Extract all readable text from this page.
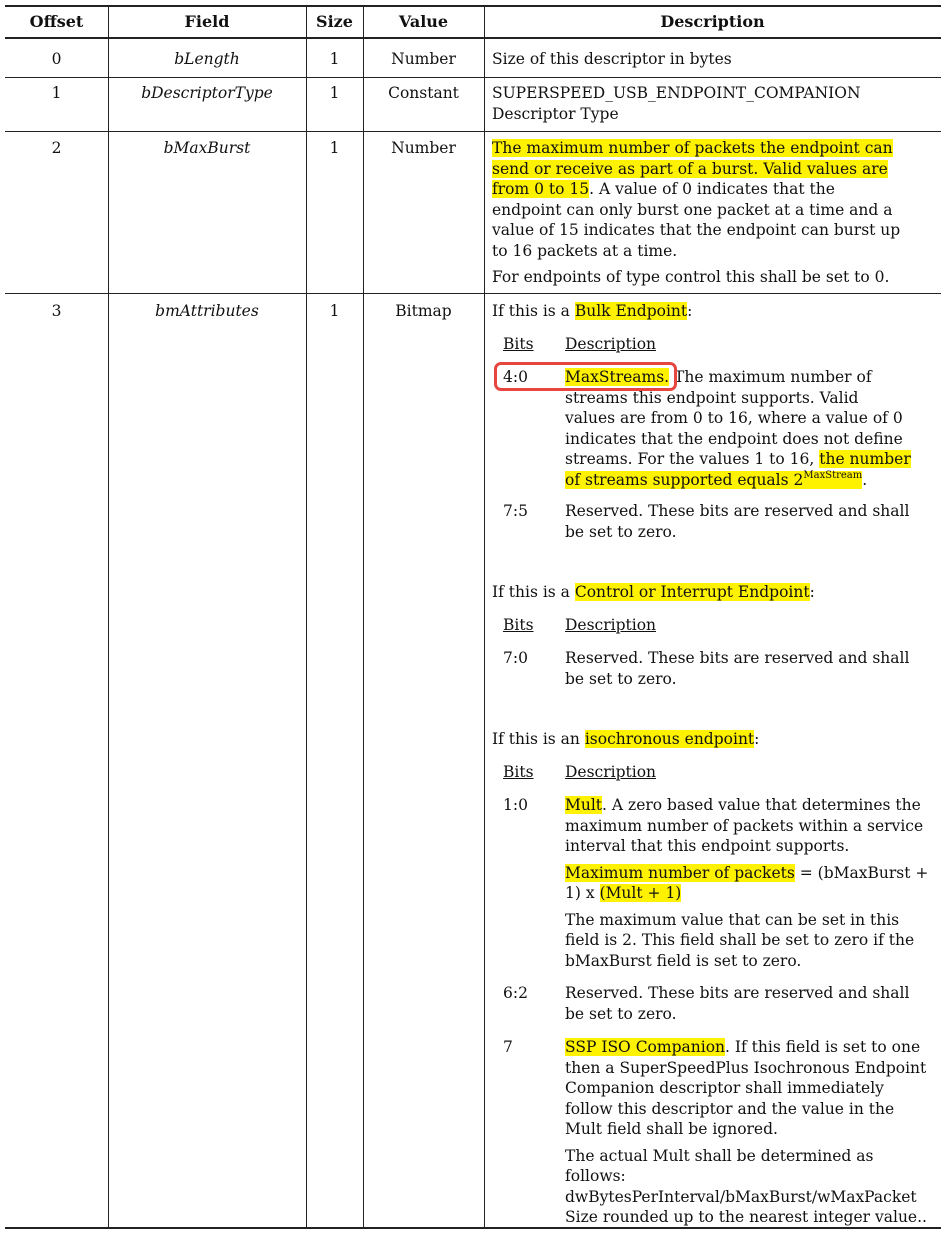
Offset	Field	Size	Value	Description
0	bLength	1	Number	Size of this descriptor in bytes
1	bDescriptorType	1	Constant	SUPERSPEED_USB_ENDPOINT_COMPANION
Descriptor Type
2	bMaxBurst	1	Number	The maximum number of packets the endpoint can
send or receive as part of a burst. Valid values are
from 0 to 15. A value of 0 indicates that the
endpoint can only burst one packet at a time and a
value of 15 indicates that the endpoint can burst up
to 16 packets at a time.
For endpoints of type control this shall be set to 0.
3	bmAttributes	1	Bitmap	If this is a Bulk Endpoint:
Bits	Description
4:0	MaxStreams. The maximum number of
streams this endpoint supports. Valid
values are from 0 to 16, where a value of 0
indicates that the endpoint does not define
streams. For the values 1 to 16, the number
of streams supported equals $2^{MaxStream}$.
7:5	Reserved. These bits are reserved and shall
be set to zero.
If this is a Control or Interrupt Endpoint:
Bits	Description
7:0	Reserved. These bits are reserved and shall
be set to zero.
If this is an isochronous endpoint:
Bits	Description
1:0	Mult. A zero based value that determines the
maximum number of packets within a service
interval that this endpoint supports.
Maximum number of packets = (bMaxBurst +
1) x (Mult + 1)
The maximum value that can be set in this
field is 2. This field shall be set to zero if the
bMaxBurst field is set to zero.
6:2	Reserved. These bits are reserved and shall
be set to zero.
7	SSP ISO Companion. If this field is set to one
then a SuperSpeedPlus Isochronous Endpoint
Companion descriptor shall immediately
follow this descriptor and the value in the
Mult field shall be ignored.
The actual Mult shall be determined as
follows:
dwBytesPerInterval/bMaxBurst/wMaxPacket
Size rounded up to the nearest integer value..
